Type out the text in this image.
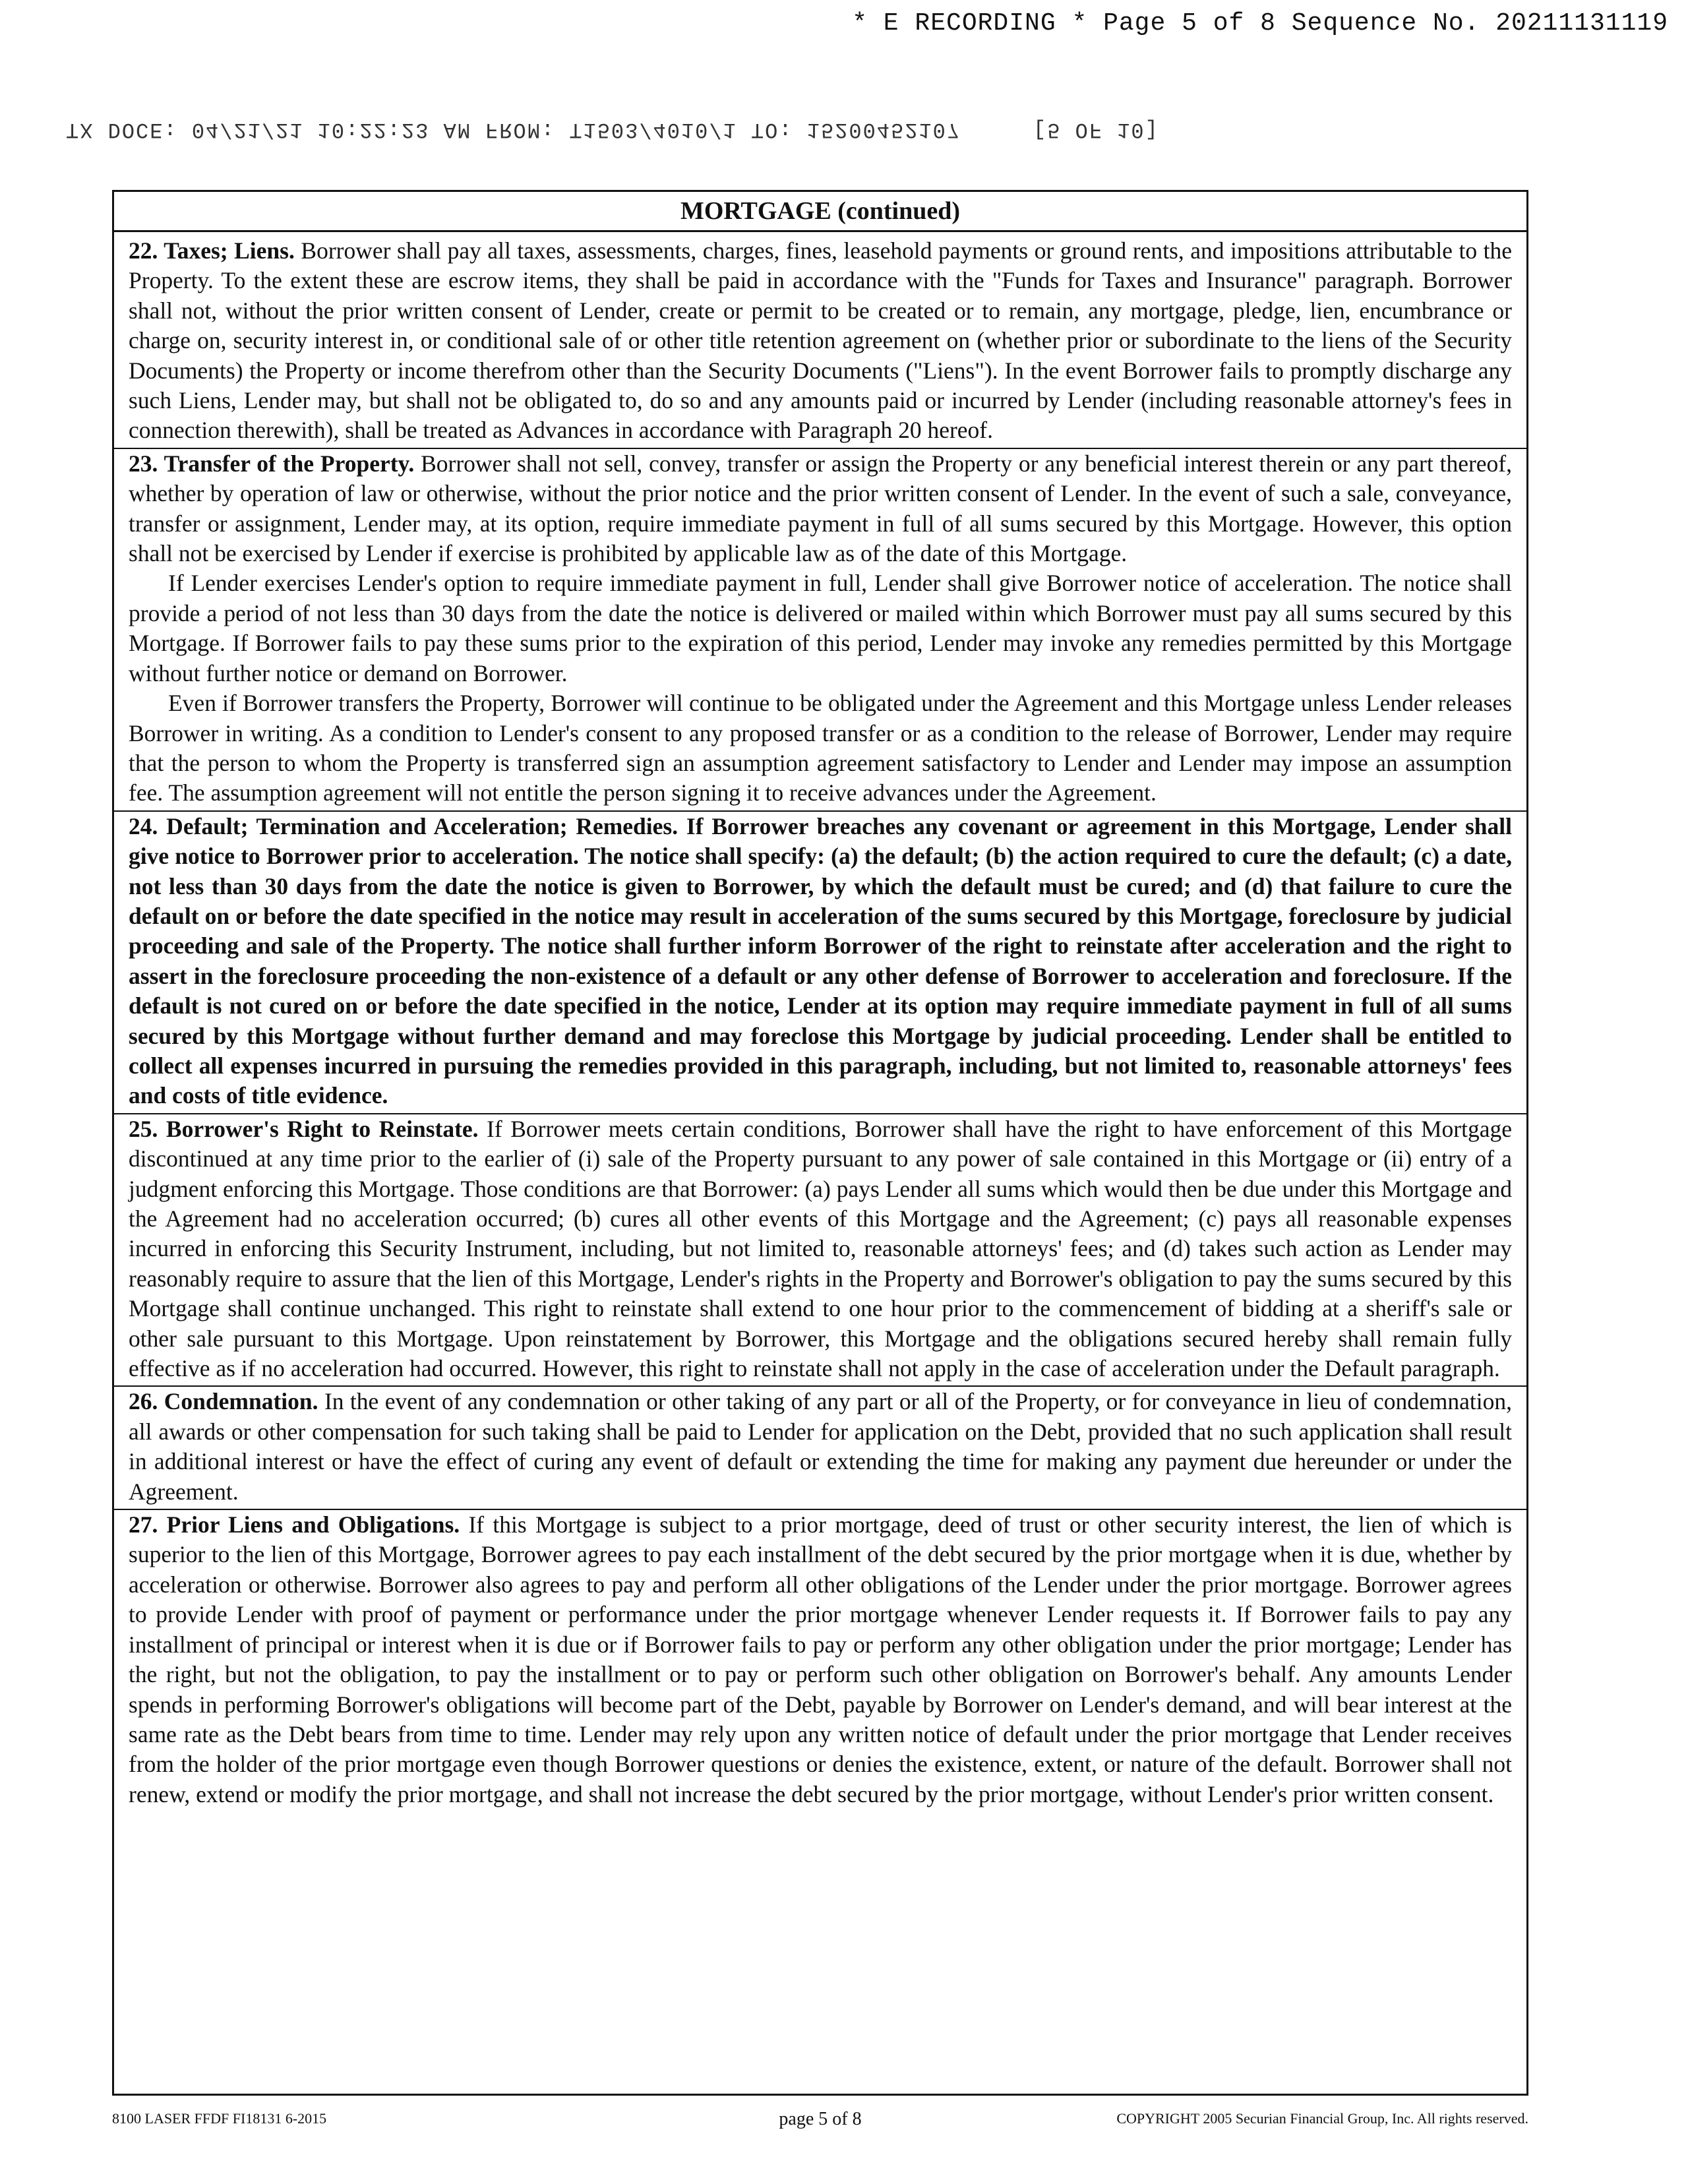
* E RECORDING * Page 5 of 8 Sequence No. 20211131119
TX DOCE: 04/21/21 10:22:23 AM FROM: T1503/4010/1 TO: 15200452107	[5 OF 10]
MORTGAGE (continued)

22. Taxes; Liens. Borrower shall pay all taxes, assessments, charges, fines, leasehold payments or ground rents, and impositions attributable to the Property. To the extent these are escrow items, they shall be paid in accordance with the "Funds for Taxes and Insurance" paragraph. Borrower shall not, without the prior written consent of Lender, create or permit to be created or to remain, any mortgage, pledge, lien, encumbrance or charge on, security interest in, or conditional sale of or other title retention agreement on (whether prior or subordinate to the liens of the Security Documents) the Property or income therefrom other than the Security Documents ("Liens"). In the event Borrower fails to promptly discharge any such Liens, Lender may, but shall not be obligated to, do so and any amounts paid or incurred by Lender (including reasonable attorney's fees in connection therewith), shall be treated as Advances in accordance with Paragraph 20 hereof.

23. Transfer of the Property. Borrower shall not sell, convey, transfer or assign the Property or any beneficial interest therein or any part thereof, whether by operation of law or otherwise, without the prior notice and the prior written consent of Lender. In the event of such a sale, conveyance, transfer or assignment, Lender may, at its option, require immediate payment in full of all sums secured by this Mortgage. However, this option shall not be exercised by Lender if exercise is prohibited by applicable law as of the date of this Mortgage.

If Lender exercises Lender's option to require immediate payment in full, Lender shall give Borrower notice of acceleration. The notice shall provide a period of not less than 30 days from the date the notice is delivered or mailed within which Borrower must pay all sums secured by this Mortgage. If Borrower fails to pay these sums prior to the expiration of this period, Lender may invoke any remedies permitted by this Mortgage without further notice or demand on Borrower.

Even if Borrower transfers the Property, Borrower will continue to be obligated under the Agreement and this Mortgage unless Lender releases Borrower in writing. As a condition to Lender's consent to any proposed transfer or as a condition to the release of Borrower, Lender may require that the person to whom the Property is transferred sign an assumption agreement satisfactory to Lender and Lender may impose an assumption fee. The assumption agreement will not entitle the person signing it to receive advances under the Agreement.

24. Default; Termination and Acceleration; Remedies. If Borrower breaches any covenant or agreement in this Mortgage, Lender shall give notice to Borrower prior to acceleration. The notice shall specify: (a) the default; (b) the action required to cure the default; (c) a date, not less than 30 days from the date the notice is given to Borrower, by which the default must be cured; and (d) that failure to cure the default on or before the date specified in the notice may result in acceleration of the sums secured by this Mortgage, foreclosure by judicial proceeding and sale of the Property. The notice shall further inform Borrower of the right to reinstate after acceleration and the right to assert in the foreclosure proceeding the non-existence of a default or any other defense of Borrower to acceleration and foreclosure. If the default is not cured on or before the date specified in the notice, Lender at its option may require immediate payment in full of all sums secured by this Mortgage without further demand and may foreclose this Mortgage by judicial proceeding. Lender shall be entitled to collect all expenses incurred in pursuing the remedies provided in this paragraph, including, but not limited to, reasonable attorneys' fees and costs of title evidence.

25. Borrower's Right to Reinstate. If Borrower meets certain conditions, Borrower shall have the right to have enforcement of this Mortgage discontinued at any time prior to the earlier of (i) sale of the Property pursuant to any power of sale contained in this Mortgage or (ii) entry of a judgment enforcing this Mortgage. Those conditions are that Borrower: (a) pays Lender all sums which would then be due under this Mortgage and the Agreement had no acceleration occurred; (b) cures all other events of this Mortgage and the Agreement; (c) pays all reasonable expenses incurred in enforcing this Security Instrument, including, but not limited to, reasonable attorneys' fees; and (d) takes such action as Lender may reasonably require to assure that the lien of this Mortgage, Lender's rights in the Property and Borrower's obligation to pay the sums secured by this Mortgage shall continue unchanged. This right to reinstate shall extend to one hour prior to the commencement of bidding at a sheriff's sale or other sale pursuant to this Mortgage. Upon reinstatement by Borrower, this Mortgage and the obligations secured hereby shall remain fully effective as if no acceleration had occurred. However, this right to reinstate shall not apply in the case of acceleration under the Default paragraph.

26. Condemnation. In the event of any condemnation or other taking of any part or all of the Property, or for conveyance in lieu of condemnation, all awards or other compensation for such taking shall be paid to Lender for application on the Debt, provided that no such application shall result in additional interest or have the effect of curing any event of default or extending the time for making any payment due hereunder or under the Agreement.

27. Prior Liens and Obligations. If this Mortgage is subject to a prior mortgage, deed of trust or other security interest, the lien of which is superior to the lien of this Mortgage, Borrower agrees to pay each installment of the debt secured by the prior mortgage when it is due, whether by acceleration or otherwise. Borrower also agrees to pay and perform all other obligations of the Lender under the prior mortgage. Borrower agrees to provide Lender with proof of payment or performance under the prior mortgage whenever Lender requests it. If Borrower fails to pay any installment of principal or interest when it is due or if Borrower fails to pay or perform any other obligation under the prior mortgage; Lender has the right, but not the obligation, to pay the installment or to pay or perform such other obligation on Borrower's behalf. Any amounts Lender spends in performing Borrower's obligations will become part of the Debt, payable by Borrower on Lender's demand, and will bear interest at the same rate as the Debt bears from time to time. Lender may rely upon any written notice of default under the prior mortgage that Lender receives from the holder of the prior mortgage even though Borrower questions or denies the existence, extent, or nature of the default. Borrower shall not renew, extend or modify the prior mortgage, and shall not increase the debt secured by the prior mortgage, without Lender's prior written consent.

8100 LASER FFDF FI18131 6-2015	page 5 of 8	COPYRIGHT 2005 Securian Financial Group, Inc. All rights reserved.
